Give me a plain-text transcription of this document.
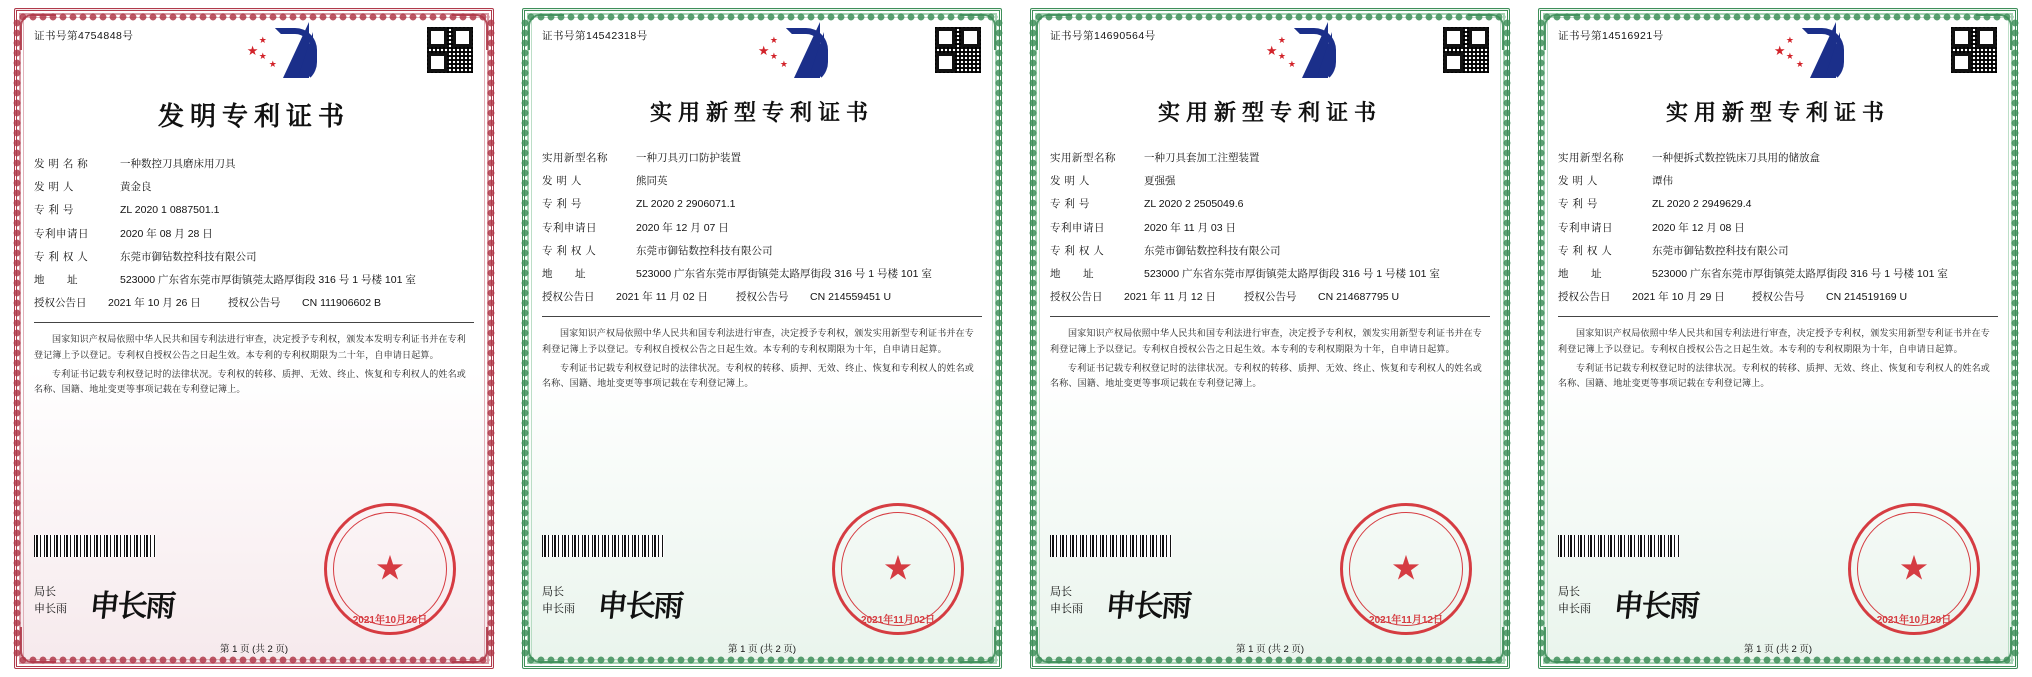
证书号第4754848号
★
★
★
★
发明专利证书
发 明 名 称	一种数控刀具磨床用刀具
发 明 人	黄金良
专 利 号	ZL 2020 1 0887501.1
专利申请日	2020 年 08 月 28 日
专 利 权 人	东莞市御钻数控科技有限公司
地　　址	523000 广东省东莞市厚街镇莞太路厚街段 316 号 1 号楼 101 室
授权公告日	2021 年 10 月 26 日	授权公告号	CN 111906602 B
国家知识产权局依照中华人民共和国专利法进行审查，决定授予专利权，颁发本发明专利证书并在专利登记簿上予以登记。专利权自授权公告之日起生效。本专利的专利权期限为二十年，自申请日起算。
专利证书记载专利权登记时的法律状况。专利权的转移、质押、无效、终止、恢复和专利权人的姓名或名称、国籍、地址变更等事项记载在专利登记簿上。
局长
申长雨 申长雨
★
2021年10月26日
第 1 页 (共 2 页)
证书号第14542318号
★
★
★
★
实用新型专利证书
实用新型名称	一种刀具刃口防护装置
发 明 人	熊同英
专 利 号	ZL 2020 2 2906071.1
专利申请日	2020 年 12 月 07 日
专 利 权 人	东莞市御钻数控科技有限公司
地　　址	523000 广东省东莞市厚街镇莞太路厚街段 316 号 1 号楼 101 室
授权公告日	2021 年 11 月 02 日	授权公告号	CN 214559451 U
国家知识产权局依照中华人民共和国专利法进行审查，决定授予专利权，颁发实用新型专利证书并在专利登记簿上予以登记。专利权自授权公告之日起生效。本专利的专利权期限为十年，自申请日起算。
专利证书记载专利权登记时的法律状况。专利权的转移、质押、无效、终止、恢复和专利权人的姓名或名称、国籍、地址变更等事项记载在专利登记簿上。
局长
申长雨 申长雨
★
2021年11月02日
第 1 页 (共 2 页)
证书号第14690564号
★
★
★
★
实用新型专利证书
实用新型名称	一种刀具套加工注塑装置
发 明 人	夏强强
专 利 号	ZL 2020 2 2505049.6
专利申请日	2020 年 11 月 03 日
专 利 权 人	东莞市御钻数控科技有限公司
地　　址	523000 广东省东莞市厚街镇莞太路厚街段 316 号 1 号楼 101 室
授权公告日	2021 年 11 月 12 日	授权公告号	CN 214687795 U
国家知识产权局依照中华人民共和国专利法进行审查，决定授予专利权，颁发实用新型专利证书并在专利登记簿上予以登记。专利权自授权公告之日起生效。本专利的专利权期限为十年，自申请日起算。
专利证书记载专利权登记时的法律状况。专利权的转移、质押、无效、终止、恢复和专利权人的姓名或名称、国籍、地址变更等事项记载在专利登记簿上。
局长
申长雨 申长雨
★
2021年11月12日
第 1 页 (共 2 页)
证书号第14516921号
★
★
★
★
实用新型专利证书
实用新型名称	一种便拆式数控铣床刀具用的储放盒
发 明 人	谭伟
专 利 号	ZL 2020 2 2949629.4
专利申请日	2020 年 12 月 08 日
专 利 权 人	东莞市御钻数控科技有限公司
地　　址	523000 广东省东莞市厚街镇莞太路厚街段 316 号 1 号楼 101 室
授权公告日	2021 年 10 月 29 日	授权公告号	CN 214519169 U
国家知识产权局依照中华人民共和国专利法进行审查，决定授予专利权，颁发实用新型专利证书并在专利登记簿上予以登记。专利权自授权公告之日起生效。本专利的专利权期限为十年，自申请日起算。
专利证书记载专利权登记时的法律状况。专利权的转移、质押、无效、终止、恢复和专利权人的姓名或名称、国籍、地址变更等事项记载在专利登记簿上。
局长
申长雨 申长雨
★
2021年10月29日
第 1 页 (共 2 页)
